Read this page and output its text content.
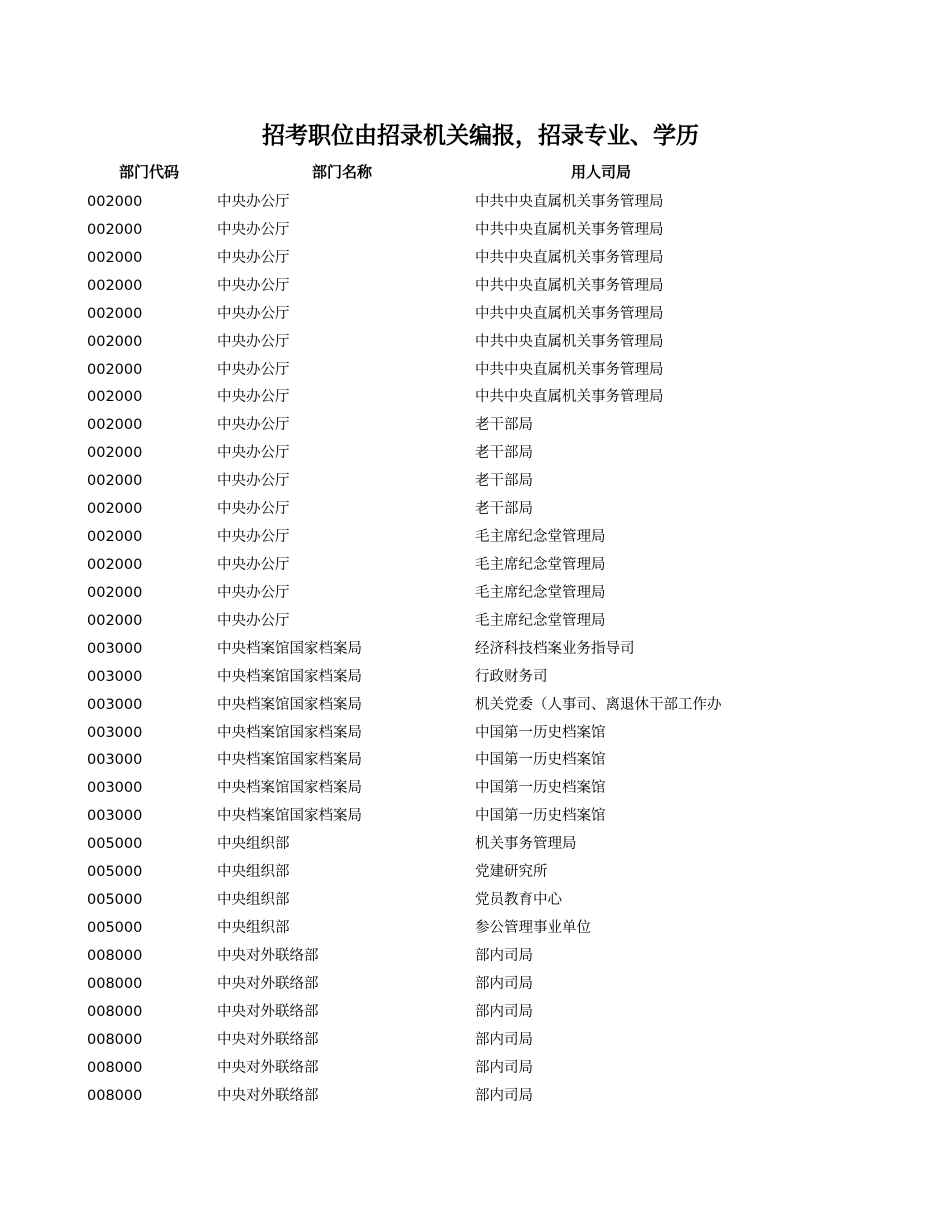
招考职位由招录机关编报，招录专业、学历
部门代码	部门名称	用人司局
002000	中央办公厅	中共中央直属机关事务管理局
002000	中央办公厅	中共中央直属机关事务管理局
002000	中央办公厅	中共中央直属机关事务管理局
002000	中央办公厅	中共中央直属机关事务管理局
002000	中央办公厅	中共中央直属机关事务管理局
002000	中央办公厅	中共中央直属机关事务管理局
002000	中央办公厅	中共中央直属机关事务管理局
002000	中央办公厅	中共中央直属机关事务管理局
002000	中央办公厅	老干部局
002000	中央办公厅	老干部局
002000	中央办公厅	老干部局
002000	中央办公厅	老干部局
002000	中央办公厅	毛主席纪念堂管理局
002000	中央办公厅	毛主席纪念堂管理局
002000	中央办公厅	毛主席纪念堂管理局
002000	中央办公厅	毛主席纪念堂管理局
003000	中央档案馆国家档案局	经济科技档案业务指导司
003000	中央档案馆国家档案局	行政财务司
003000	中央档案馆国家档案局	机关党委（人事司、离退休干部工作办
003000	中央档案馆国家档案局	中国第一历史档案馆
003000	中央档案馆国家档案局	中国第一历史档案馆
003000	中央档案馆国家档案局	中国第一历史档案馆
003000	中央档案馆国家档案局	中国第一历史档案馆
005000	中央组织部	机关事务管理局
005000	中央组织部	党建研究所
005000	中央组织部	党员教育中心
005000	中央组织部	参公管理事业单位
008000	中央对外联络部	部内司局
008000	中央对外联络部	部内司局
008000	中央对外联络部	部内司局
008000	中央对外联络部	部内司局
008000	中央对外联络部	部内司局
008000	中央对外联络部	部内司局
